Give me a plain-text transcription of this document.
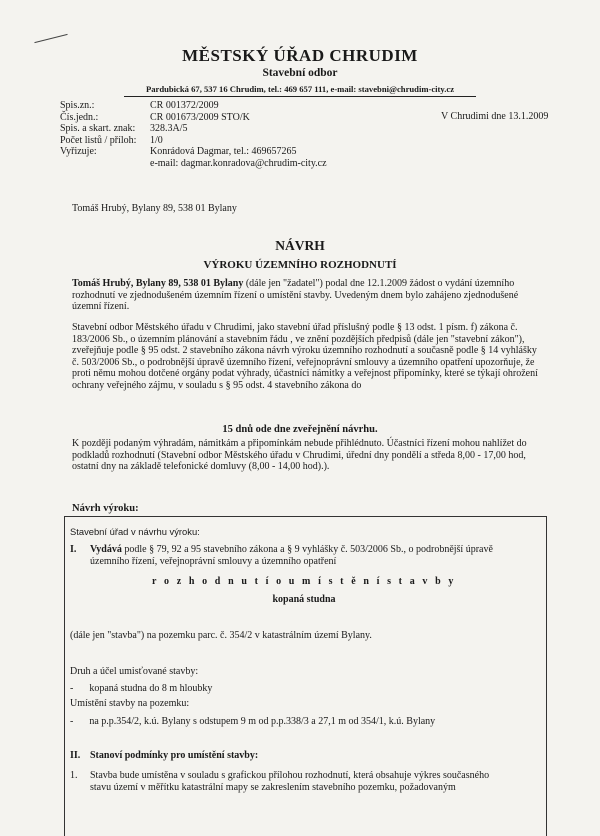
MĚSTSKÝ ÚŘAD CHRUDIM
Stavební odbor
Pardubická 67, 537 16 Chrudim, tel.: 469 657 111, e-mail: stavebni@chrudim-city.cz
Spis.zn.:	CR 001372/2009
Čís.jedn.:	CR 001673/2009 STO/K
Spis. a skart. znak:	328.3A/5
Počet listů / příloh:	1/0
Vyřizuje:	Konrádová Dagmar, tel.: 469657265
e-mail: dagmar.konradova@chrudim-city.cz
V Chrudimi dne 13.1.2009
Tomáš Hrubý, Bylany 89, 538 01 Bylany
NÁVRH
VÝROKU ÚZEMNÍHO ROZHODNUTÍ
Tomáš Hrubý, Bylany 89, 538 01 Bylany (dále jen "žadatel") podal dne 12.1.2009 žádost o vydání územního rozhodnutí ve zjednodušeném územním řízení o umístění stavby. Uvedeným dnem bylo zahájeno zjednodušené územní řízení.
Stavební odbor Městského úřadu v Chrudimi, jako stavební úřad příslušný podle § 13 odst. 1 písm. f) zákona č. 183/2006 Sb., o územním plánování a stavebním řádu , ve znění pozdějších předpisů (dále jen "stavební zákon"), zveřejňuje podle § 95 odst. 2 stavebního zákona návrh výroku územního rozhodnutí a současně podle § 14 vyhlášky č. 503/2006 Sb., o podrobnější úpravě územního řízení, veřejnoprávní smlouvy a územního opatření upozorňuje, že proti němu mohou dotčené orgány podat výhrady, účastníci námitky a veřejnost připomínky, které se týkají ohrožení ochrany veřejného zájmu, v souladu s § 95 odst. 4 stavebního zákona do
15 dnů ode dne zveřejnění návrhu.
K později podaným výhradám, námitkám a připomínkám nebude přihlédnuto. Účastníci řízení mohou nahlížet do podkladů rozhodnutí (Stavební odbor Městského úřadu v Chrudimi, úřední dny pondělí a středa 8,00 - 17,00 hod, ostatní dny na základě telefonické domluvy (8,00 - 14,00 hod).).
Návrh výroku:
Stavební úřad v návrhu výroku:
I. Vydává podle § 79, 92 a 95 stavebního zákona a § 9 vyhlášky č. 503/2006 Sb., o podrobnější úpravě
územního řízení, veřejnoprávní smlouvy a územního opatření
r o z h o d n u t í o u m í s t ě n í s t a v b y
kopaná studna
(dále jen "stavba") na pozemku parc. č. 354/2 v katastrálním území Bylany.
Druh a účel umisťované stavby:
- kopaná studna do 8 m hloubky
Umístění stavby na pozemku:
- na p.p.354/2, k.ú. Bylany s odstupem 9 m od p.p.338/3 a 27,1 m od 354/1, k.ú. Bylany
II. Stanoví podmínky pro umístění stavby:
1. Stavba bude umístěna v souladu s grafickou přílohou rozhodnutí, která obsahuje výkres současného
stavu území v měřítku katastrální mapy se zakreslením stavebního pozemku, požadovaným
